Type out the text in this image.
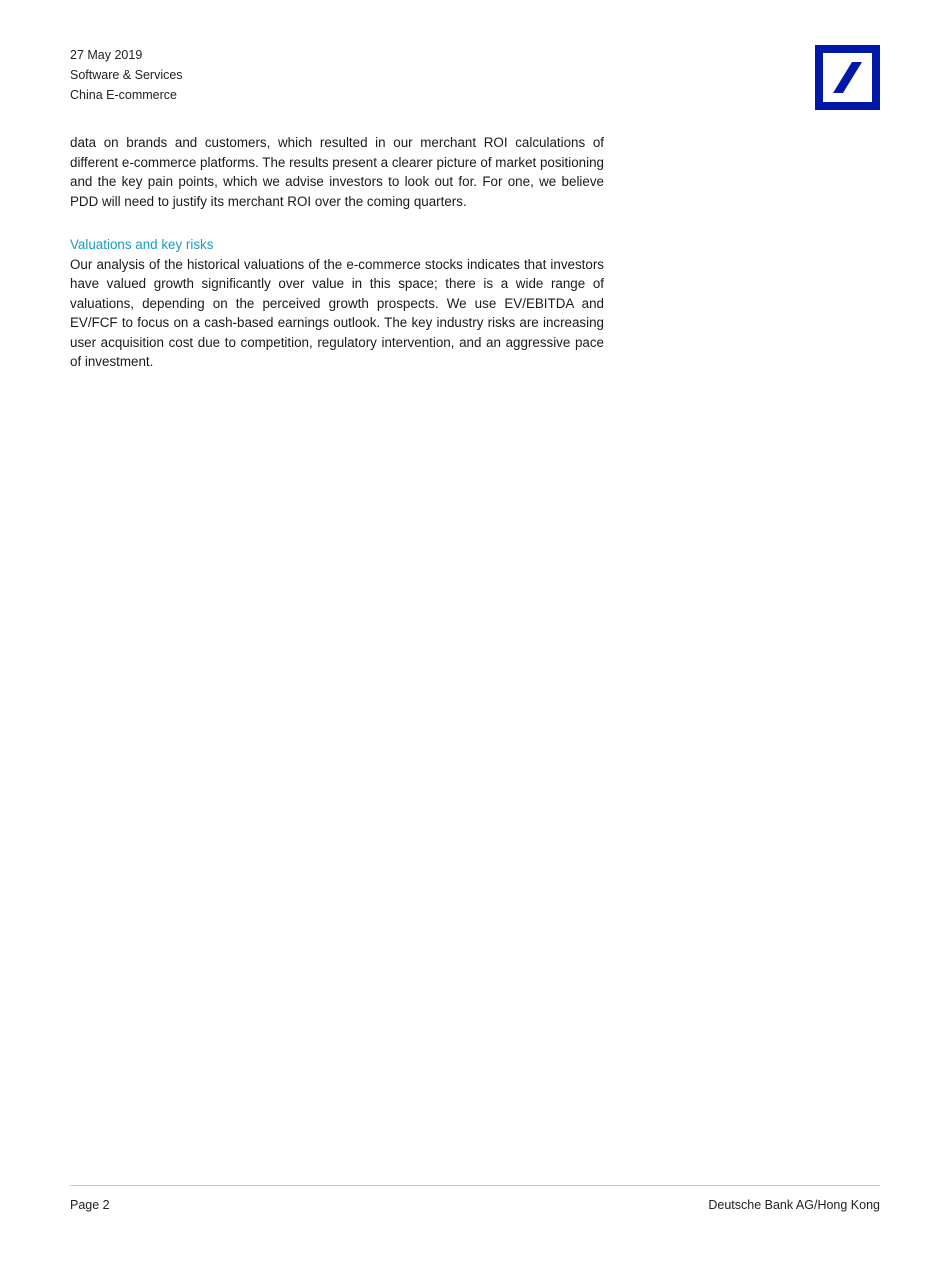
27 May 2019
Software & Services
China E-commerce

data on brands and customers, which resulted in our merchant ROI calculations of different e-commerce platforms. The results present a clearer picture of market positioning and the key pain points, which we advise investors to look out for. For one, we believe PDD will need to justify its merchant ROI over the coming quarters.

Valuations and key risks

Our analysis of the historical valuations of the e-commerce stocks indicates that investors have valued growth significantly over value in this space; there is a wide range of valuations, depending on the perceived growth prospects. We use EV/EBITDA and EV/FCF to focus on a cash-based earnings outlook. The key industry risks are increasing user acquisition cost due to competition, regulatory intervention, and an aggressive pace of investment.

Page 2	Deutsche Bank AG/Hong Kong
